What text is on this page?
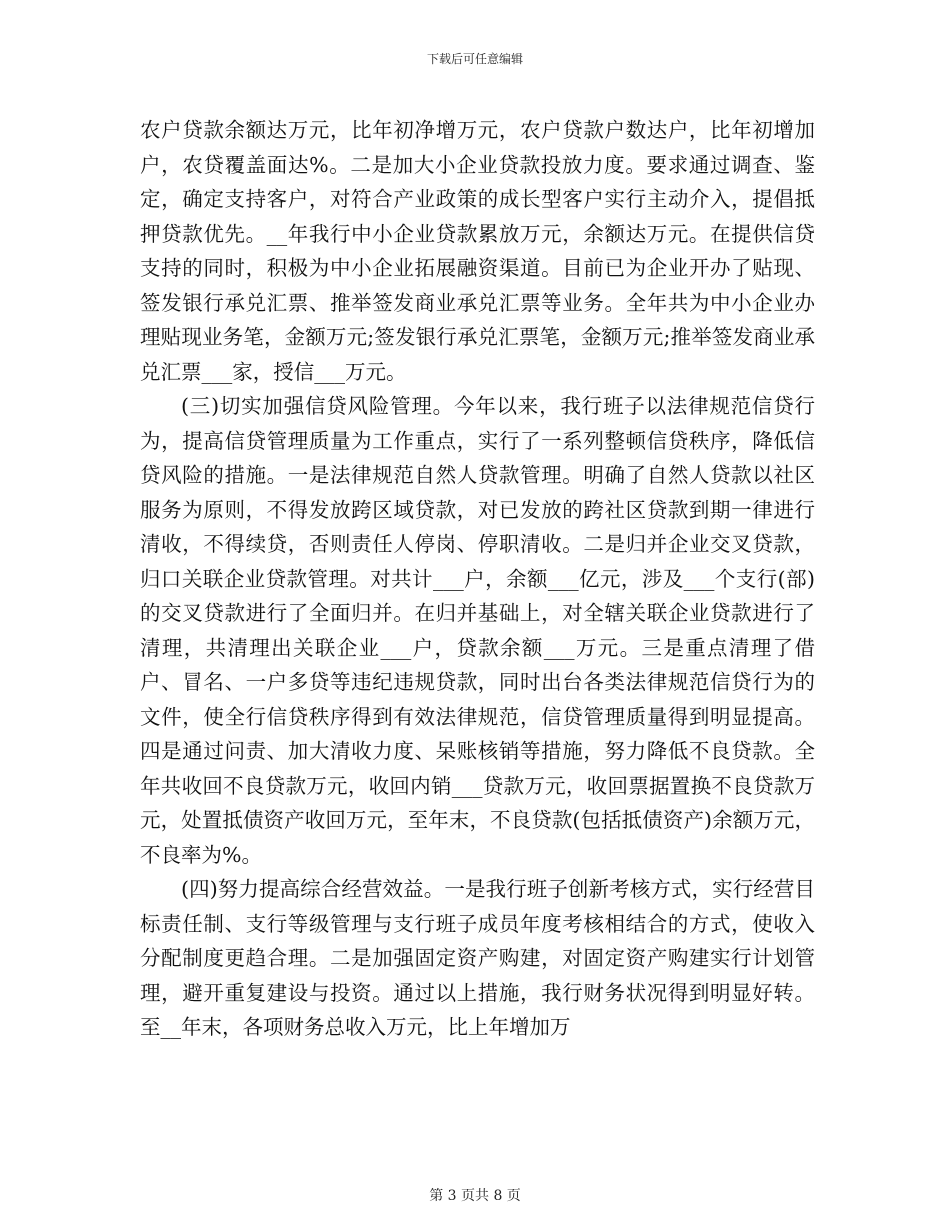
下载后可任意编辑

农户贷款余额达万元，比年初净增万元，农户贷款户数达户，比年初增加户，农贷覆盖面达%。二是加大小企业贷款投放力度。要求通过调查、鉴定，确定支持客户，对符合产业政策的成长型客户实行主动介入，提倡抵押贷款优先。__年我行中小企业贷款累放万元，余额达万元。在提供信贷支持的同时，积极为中小企业拓展融资渠道。目前已为企业开办了贴现、签发银行承兑汇票、推举签发商业承兑汇票等业务。全年共为中小企业办理贴现业务笔，金额万元;签发银行承兑汇票笔，金额万元;推举签发商业承兑汇票___家，授信___万元。

(三)切实加强信贷风险管理。今年以来，我行班子以法律规范信贷行为，提高信贷管理质量为工作重点，实行了一系列整顿信贷秩序，降低信贷风险的措施。一是法律规范自然人贷款管理。明确了自然人贷款以社区服务为原则，不得发放跨区域贷款，对已发放的跨社区贷款到期一律进行清收，不得续贷，否则责任人停岗、停职清收。二是归并企业交叉贷款，归口关联企业贷款管理。对共计___户，余额___亿元，涉及___个支行(部)的交叉贷款进行了全面归并。在归并基础上，对全辖关联企业贷款进行了清理，共清理出关联企业___户，贷款余额___万元。三是重点清理了借户、冒名、一户多贷等违纪违规贷款，同时出台各类法律规范信贷行为的文件，使全行信贷秩序得到有效法律规范，信贷管理质量得到明显提高。四是通过问责、加大清收力度、呆账核销等措施，努力降低不良贷款。全年共收回不良贷款万元，收回内销___贷款万元，收回票据置换不良贷款万元，处置抵债资产收回万元，至年末，不良贷款(包括抵债资产)余额万元，不良率为%。

(四)努力提高综合经营效益。一是我行班子创新考核方式，实行经营目标责任制、支行等级管理与支行班子成员年度考核相结合的方式，使收入分配制度更趋合理。二是加强固定资产购建，对固定资产购建实行计划管理，避开重复建设与投资。通过以上措施，我行财务状况得到明显好转。至__年末，各项财务总收入万元，比上年增加万

第 3 页共 8 页
